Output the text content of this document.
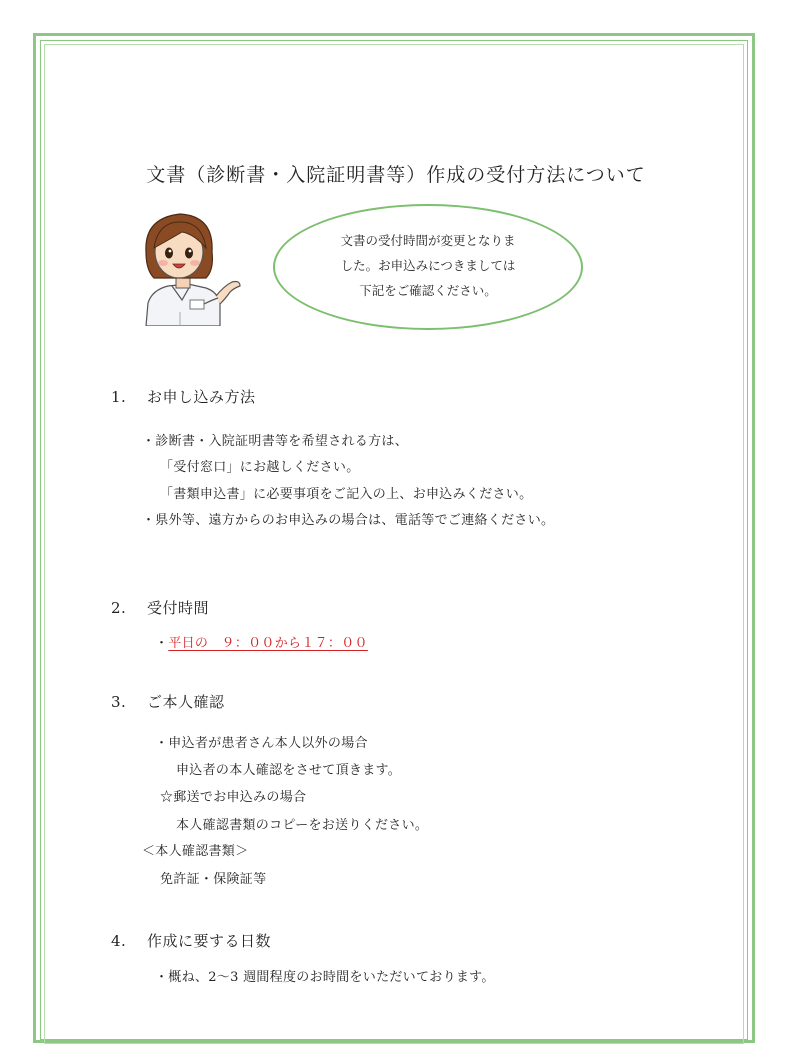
文書（診断書・入院証明書等）作成の受付方法について
文書の受付時間が変更となりま
した。お申込みにつきましては
下記をご確認ください。
1. お申し込み方法
・診断書・入院証明書等を希望される方は、
「受付窓口」にお越しください。
「書類申込書」に必要事項をご記入の上、お申込みください。
・県外等、遠方からのお申込みの場合は、電話等でご連絡ください。
2. 受付時間
・平日の　９：００から１７：００
3. ご本人確認
・申込者が患者さん本人以外の場合
申込者の本人確認をさせて頂きます。
☆郵送でお申込みの場合
本人確認書類のコピーをお送りください。
＜本人確認書類＞
免許証・保険証等
4. 作成に要する日数
・概ね、2〜3 週間程度のお時間をいただいております。
